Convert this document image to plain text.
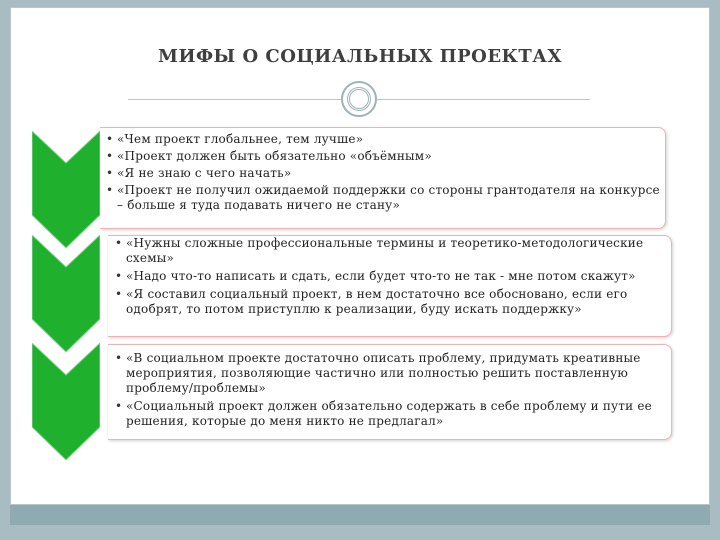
МИФЫ О СОЦИАЛЬНЫХ ПРОЕКТАХ
• «Чем проект глобальнее, тем лучше»
• «Проект должен быть обязательно «объёмным»
• «Я не знаю с чего начать»
• «Проект не получил ожидаемой поддержки со стороны грантодателя на конкурсе – больше я туда подавать ничего не стану»
• «Нужны сложные профессиональные термины и теоретико-методологические схемы»
• «Надо что-то написать и сдать, если будет что-то не так - мне потом скажут»
• «Я составил социальный проект, в нем достаточно все обосновано, если его одобрят, то потом приступлю к реализации, буду искать поддержку»
• «В социальном проекте достаточно описать проблему, придумать креативные мероприятия, позволяющие частично или полностью решить поставленную проблему/проблемы»
• «Социальный проект должен обязательно содержать в себе проблему и пути ее решения, которые до меня никто не предлагал»
